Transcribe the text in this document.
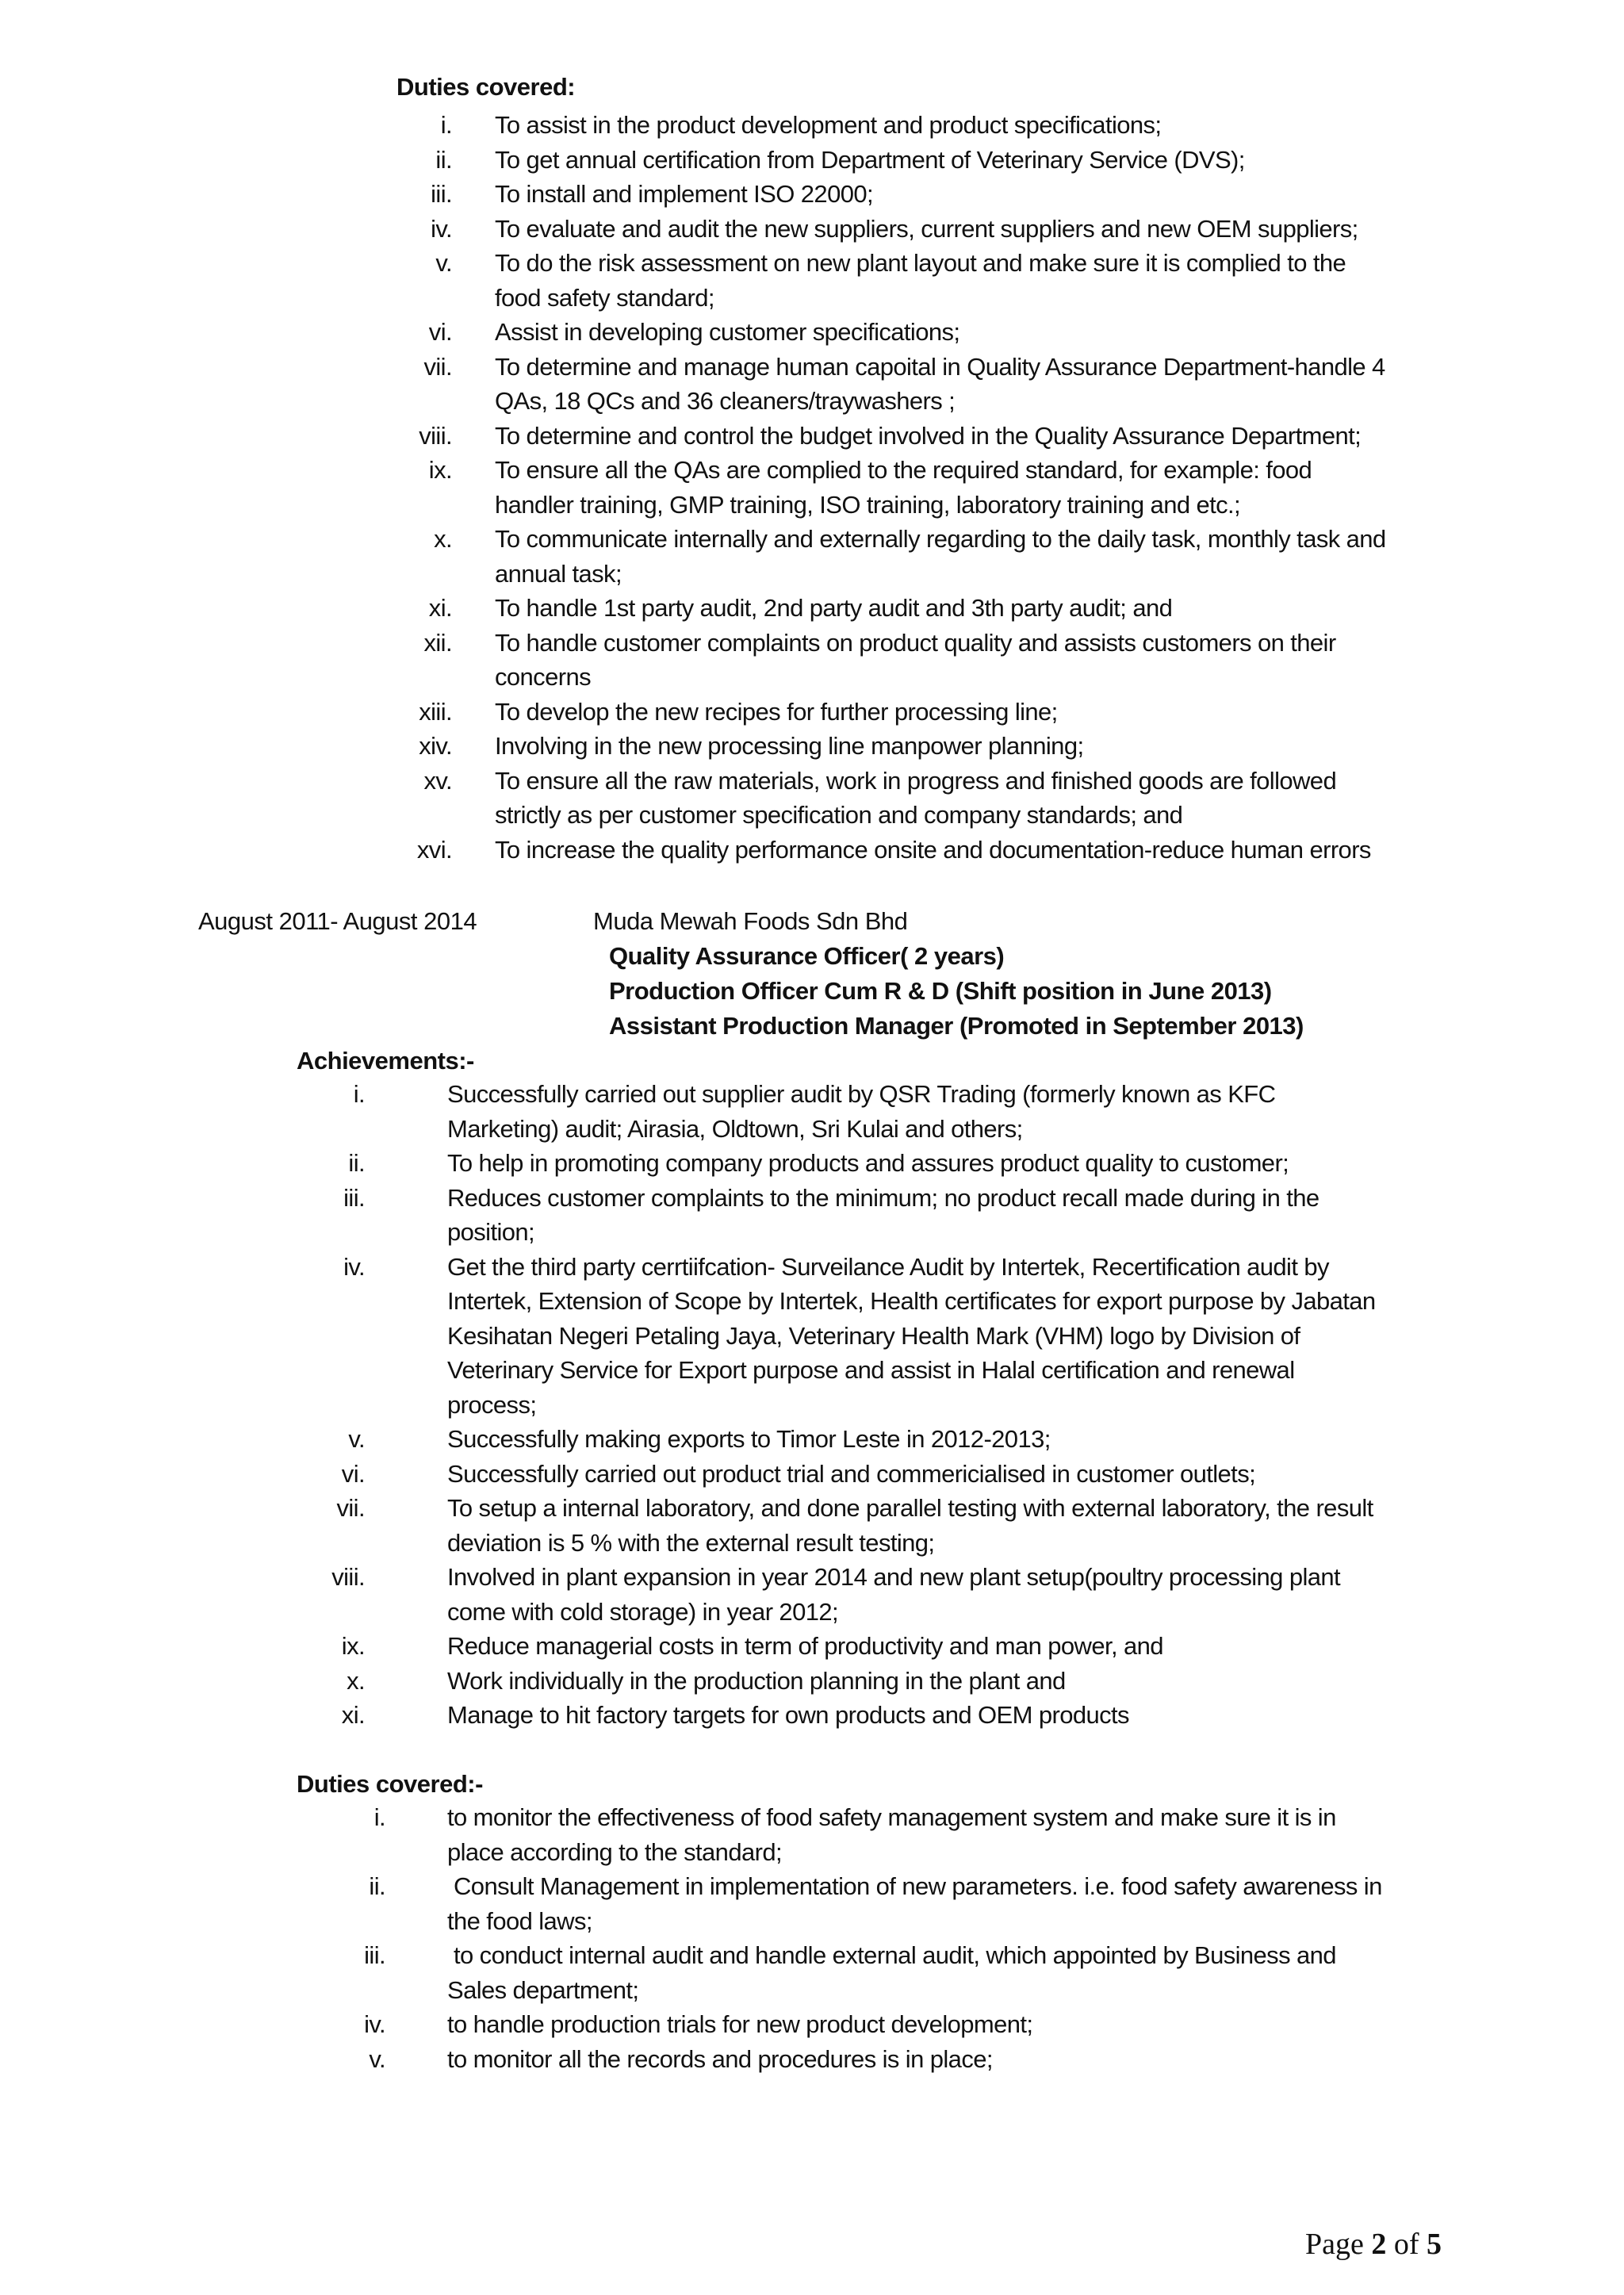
Duties covered:
i. To assist in the product development and product specifications;
ii. To get annual certification from Department of Veterinary Service (DVS);
iii. To install and implement ISO 22000;
iv. To evaluate and audit the new suppliers, current suppliers and new OEM suppliers;
v. To do the risk assessment on new plant layout and make sure it is complied to the
food safety standard;
vi. Assist in developing customer specifications;
vii. To determine and manage human capoital in Quality Assurance Department-handle 4
QAs, 18 QCs and 36 cleaners/traywashers ;
viii. To determine and control the budget involved in the Quality Assurance Department;
ix. To ensure all the QAs are complied to the required standard, for example: food
handler training, GMP training, ISO training, laboratory training and etc.;
x. To communicate internally and externally regarding to the daily task, monthly task and
annual task;
xi. To handle 1st party audit, 2nd party audit and 3th party audit; and
xii. To handle customer complaints on product quality and assists customers on their
concerns
xiii. To develop the new recipes for further processing line;
xiv. Involving in the new processing line manpower planning;
xv. To ensure all the raw materials, work in progress and finished goods are followed
strictly as per customer specification and company standards; and
xvi. To increase the quality performance onsite and documentation-reduce human errors
August 2011- August 2014	Muda Mewah Foods Sdn Bhd
Quality Assurance Officer( 2 years)
Production Officer Cum R & D (Shift position in June 2013)
Assistant Production Manager (Promoted in September 2013)
Achievements:-
i.	Successfully carried out supplier audit by QSR Trading (formerly known as KFC
Marketing) audit; Airasia, Oldtown, Sri Kulai and others;
ii.	To help in promoting company products and assures product quality to customer;
iii.	Reduces customer complaints to the minimum; no product recall made during in the
position;
iv.	Get the third party cerrtiifcation- Surveilance Audit by Intertek, Recertification audit by
Intertek, Extension of Scope by Intertek, Health certificates for export purpose by Jabatan
Kesihatan Negeri Petaling Jaya, Veterinary Health Mark (VHM) logo by Division of
Veterinary Service for Export purpose and assist in Halal certification and renewal
process;
v.	Successfully making exports to Timor Leste in 2012-2013;
vi.	Successfully carried out product trial and commericialised in customer outlets;
vii.	To setup a internal laboratory, and done parallel testing with external laboratory, the result
deviation is 5 % with the external result testing;
viii.	Involved in plant expansion in year 2014 and new plant setup(poultry processing plant
come with cold storage) in year 2012;
ix.	Reduce managerial costs in term of productivity and man power, and
x.	Work individually in the production planning in the plant and
xi.	Manage to hit factory targets for own products and OEM products
Duties covered:-
i.	to monitor the effectiveness of food safety management system and make sure it is in
place according to the standard;
ii.	Consult Management in implementation of new parameters. i.e. food safety awareness in
the food laws;
iii.	to conduct internal audit and handle external audit, which appointed by Business and
Sales department;
iv.	to handle production trials for new product development;
v.	to monitor all the records and procedures is in place;
Page 2 of 5
